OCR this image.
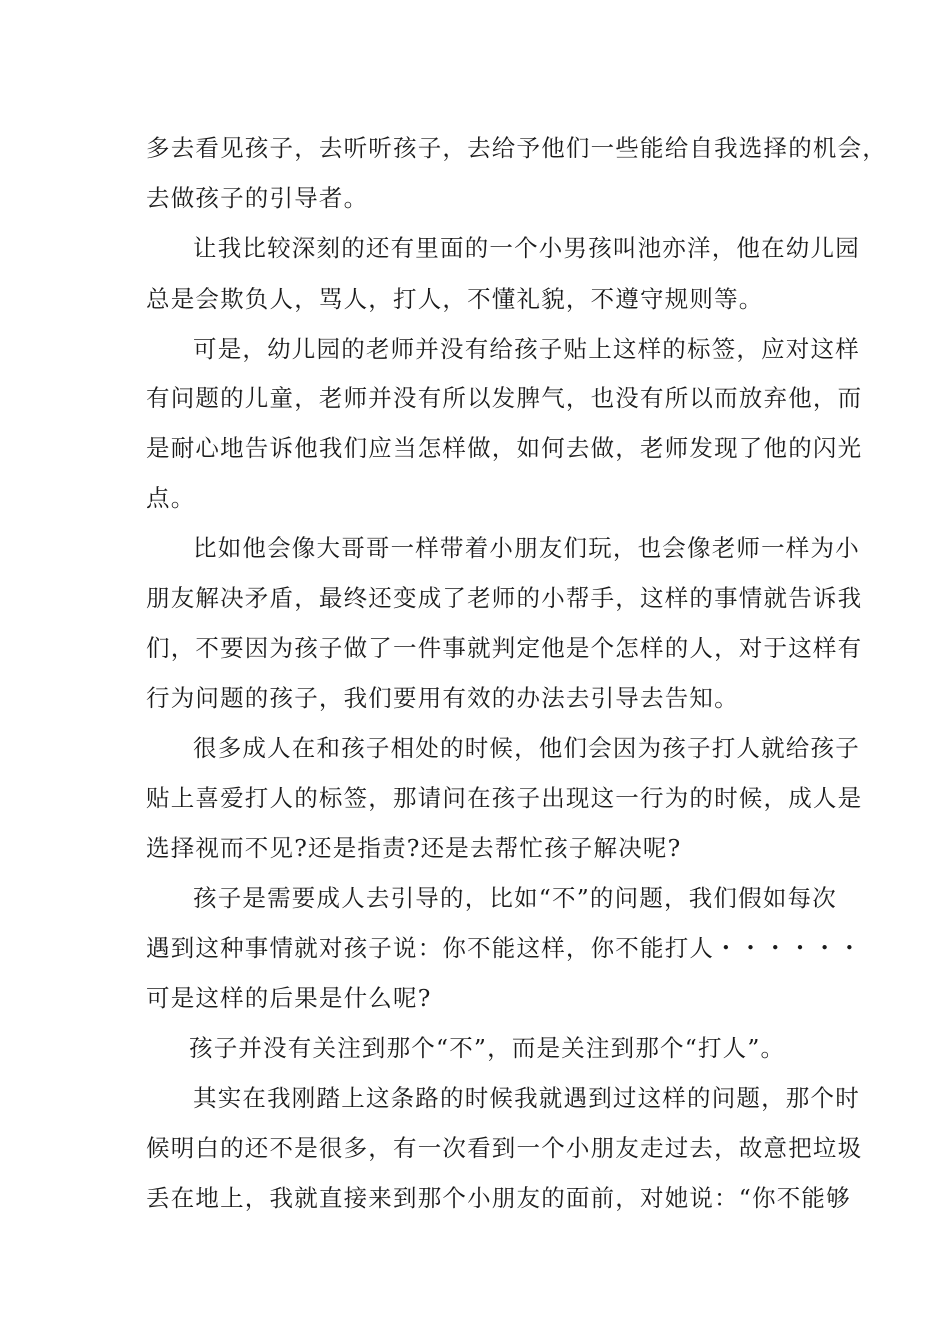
多去看见孩子，去听听孩子，去给予他们一些能给自我选择的机会，
去做孩子的引导者。
让我比较深刻的还有里面的一个小男孩叫池亦洋，他在幼儿园
总是会欺负人，骂人，打人，不懂礼貌，不遵守规则等。
可是，幼儿园的老师并没有给孩子贴上这样的标签，应对这样
有问题的儿童，老师并没有所以发脾气，也没有所以而放弃他，而
是耐心地告诉他我们应当怎样做，如何去做，老师发现了他的闪光
点。
比如他会像大哥哥一样带着小朋友们玩，也会像老师一样为小
朋友解决矛盾，最终还变成了老师的小帮手，这样的事情就告诉我
们，不要因为孩子做了一件事就判定他是个怎样的人，对于这样有
行为问题的孩子，我们要用有效的办法去引导去告知。
很多成人在和孩子相处的时候，他们会因为孩子打人就给孩子
贴上喜爱打人的标签，那请问在孩子出现这一行为的时候，成人是
选择视而不见?还是指责?还是去帮忙孩子解决呢?
孩子是需要成人去引导的，比如“不”的问题，我们假如每次
遇到这种事情就对孩子说：你不能这样，你不能打人・・・・・・
可是这样的后果是什么呢?
孩子并没有关注到那个“不”，而是关注到那个“打人”。
其实在我刚踏上这条路的时候我就遇到过这样的问题，那个时
候明白的还不是很多，有一次看到一个小朋友走过去，故意把垃圾
丢在地上，我就直接来到那个小朋友的面前，对她说：“你不能够
